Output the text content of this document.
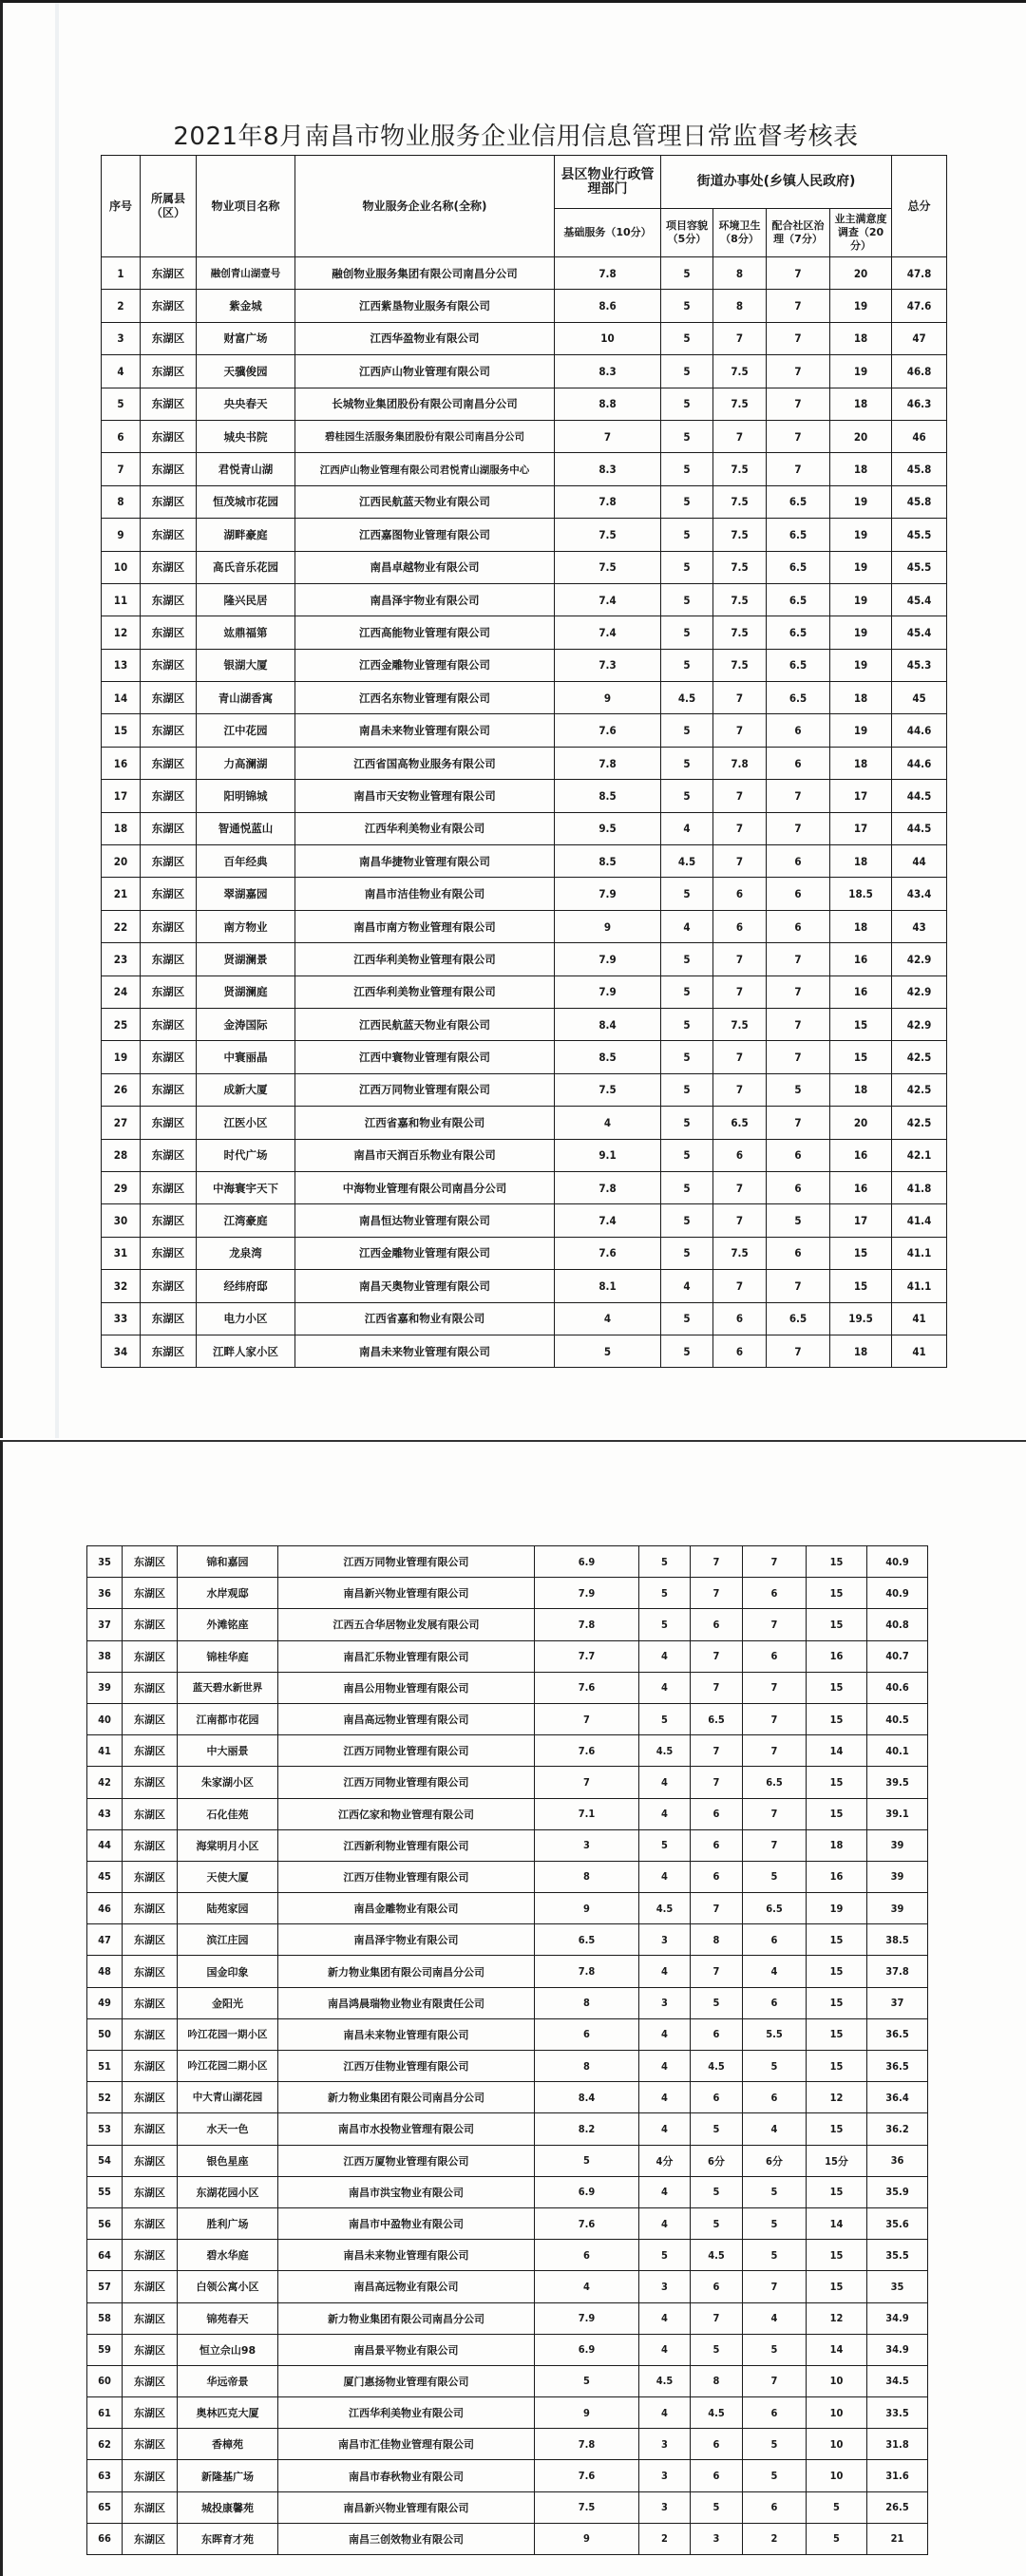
2021年8月南昌市物业服务企业信用信息管理日常监督考核表
序号	所属县（区）	物业项目名称	物业服务企业名称(全称)	县区物业行政管理部门	街道办事处(乡镇人民政府)				总分
				基础服务（10分）	项目容貌（5分）	环境卫生（8分）	配合社区治理（7分）	业主满意度调查（20分）	
1	东湖区	融创青山湖壹号	融创物业服务集团有限公司南昌分公司	7.8	5	8	7	20	47.8
2	东湖区	紫金城	江西紫垦物业服务有限公司	8.6	5	8	7	19	47.6
3	东湖区	财富广场	江西华盈物业有限公司	10	5	7	7	18	47
4	东湖区	天骥俊园	江西庐山物业管理有限公司	8.3	5	7.5	7	19	46.8
5	东湖区	央央春天	长城物业集团股份有限公司南昌分公司	8.8	5	7.5	7	18	46.3
6	东湖区	城央书院	碧桂园生活服务集团股份有限公司南昌分公司	7	5	7	7	20	46
7	东湖区	君悦青山湖	江西庐山物业管理有限公司君悦青山湖服务中心	8.3	5	7.5	7	18	45.8
8	东湖区	恒茂城市花园	江西民航蓝天物业有限公司	7.8	5	7.5	6.5	19	45.8
9	东湖区	湖畔豪庭	江西嘉图物业管理有限公司	7.5	5	7.5	6.5	19	45.5
10	东湖区	高氏音乐花园	南昌卓越物业有限公司	7.5	5	7.5	6.5	19	45.5
11	东湖区	隆兴民居	南昌泽宇物业有限公司	7.4	5	7.5	6.5	19	45.4
12	东湖区	竑鼎福第	江西高能物业管理有限公司	7.4	5	7.5	6.5	19	45.4
13	东湖区	银湖大厦	江西金雕物业管理有限公司	7.3	5	7.5	6.5	19	45.3
14	东湖区	青山湖香寓	江西名东物业管理有限公司	9	4.5	7	6.5	18	45
15	东湖区	江中花园	南昌未来物业管理有限公司	7.6	5	7	6	19	44.6
16	东湖区	力高澜湖	江西省国高物业服务有限公司	7.8	5	7.8	6	18	44.6
17	东湖区	阳明锦城	南昌市天安物业管理有限公司	8.5	5	7	7	17	44.5
18	东湖区	智通悦蓝山	江西华利美物业有限公司	9.5	4	7	7	17	44.5
20	东湖区	百年经典	南昌华捷物业管理有限公司	8.5	4.5	7	6	18	44
21	东湖区	翠湖嘉园	南昌市洁佳物业有限公司	7.9	5	6	6	18.5	43.4
22	东湖区	南方物业	南昌市南方物业管理有限公司	9	4	6	6	18	43
23	东湖区	贤湖澜景	江西华利美物业管理有限公司	7.9	5	7	7	16	42.9
24	东湖区	贤湖澜庭	江西华利美物业管理有限公司	7.9	5	7	7	16	42.9
25	东湖区	金涛国际	江西民航蓝天物业有限公司	8.4	5	7.5	7	15	42.9
19	东湖区	中寰丽晶	江西中寰物业管理有限公司	8.5	5	7	7	15	42.5
26	东湖区	成新大厦	江西万同物业管理有限公司	7.5	5	7	5	18	42.5
27	东湖区	江医小区	江西省嘉和物业有限公司	4	5	6.5	7	20	42.5
28	东湖区	时代广场	南昌市天润百乐物业有限公司	9.1	5	6	6	16	42.1
29	东湖区	中海寰宇天下	中海物业管理有限公司南昌分公司	7.8	5	7	6	16	41.8
30	东湖区	江湾豪庭	南昌恒达物业管理有限公司	7.4	5	7	5	17	41.4
31	东湖区	龙泉湾	江西金雕物业管理有限公司	7.6	5	7.5	6	15	41.1
32	东湖区	经纬府邸	南昌天奥物业管理有限公司	8.1	4	7	7	15	41.1
33	东湖区	电力小区	江西省嘉和物业有限公司	4	5	6	6.5	19.5	41
34	东湖区	江畔人家小区	南昌未来物业管理有限公司	5	5	6	7	18	41
35	东湖区	锦和嘉园	江西万同物业管理有限公司	6.9	5	7	7	15	40.9
36	东湖区	水岸观邸	南昌新兴物业管理有限公司	7.9	5	7	6	15	40.9
37	东湖区	外滩铭座	江西五合华居物业发展有限公司	7.8	5	6	7	15	40.8
38	东湖区	锦桂华庭	南昌汇乐物业管理有限公司	7.7	4	7	6	16	40.7
39	东湖区	蓝天碧水新世界	南昌公用物业管理有限公司	7.6	4	7	7	15	40.6
40	东湖区	江南都市花园	南昌高远物业管理有限公司	7	5	6.5	7	15	40.5
41	东湖区	中大丽景	江西万同物业管理有限公司	7.6	4.5	7	7	14	40.1
42	东湖区	朱家湖小区	江西万同物业管理有限公司	7	4	7	6.5	15	39.5
43	东湖区	石化佳苑	江西亿家和物业管理有限公司	7.1	4	6	7	15	39.1
44	东湖区	海棠明月小区	江西新利物业管理有限公司	3	5	6	7	18	39
45	东湖区	天使大厦	江西万佳物业管理有限公司	8	4	6	5	16	39
46	东湖区	陆苑家园	南昌金雕物业有限公司	9	4.5	7	6.5	19	39
47	东湖区	滨江庄园	南昌泽宇物业有限公司	6.5	3	8	6	15	38.5
48	东湖区	国金印象	新力物业集团有限公司南昌分公司	7.8	4	7	4	15	37.8
49	东湖区	金阳光	南昌鸿晨瑞物业物业有限责任公司	8	3	5	6	15	37
50	东湖区	吟江花园一期小区	南昌未来物业管理有限公司	6	4	6	5.5	15	36.5
51	东湖区	吟江花园二期小区	江西万佳物业管理有限公司	8	4	4.5	5	15	36.5
52	东湖区	中大青山湖花园	新力物业集团有限公司南昌分公司	8.4	4	6	6	12	36.4
53	东湖区	水天一色	南昌市水投物业管理有限公司	8.2	4	5	4	15	36.2
54	东湖区	银色星座	江西万厦物业管理有限公司	5	4分	6分	6分	15分	36
55	东湖区	东湖花园小区	南昌市洪宝物业有限公司	6.9	4	5	5	15	35.9
56	东湖区	胜利广场	南昌市中盈物业有限公司	7.6	4	5	5	14	35.6
64	东湖区	碧水华庭	南昌未来物业管理有限公司	6	5	4.5	5	15	35.5
57	东湖区	白领公寓小区	南昌高远物业有限公司	4	3	6	7	15	35
58	东湖区	锦苑春天	新力物业集团有限公司南昌分公司	7.9	4	7	4	12	34.9
59	东湖区	恒立佘山98	南昌景平物业有限公司	6.9	4	5	5	14	34.9
60	东湖区	华远帝景	厦门惠扬物业管理有限公司	5	4.5	8	7	10	34.5
61	东湖区	奥林匹克大厦	江西华利美物业有限公司	9	4	4.5	6	10	33.5
62	东湖区	香樟苑	南昌市汇佳物业管理有限公司	7.8	3	6	5	10	31.8
63	东湖区	新隆基广场	南昌市春秋物业有限公司	7.6	3	6	5	10	31.6
65	东湖区	城投康馨苑	南昌新兴物业管理有限公司	7.5	3	5	6	5	26.5
66	东湖区	东晖育才苑	南昌三创效物业有限公司	9	2	3	2	5	21
